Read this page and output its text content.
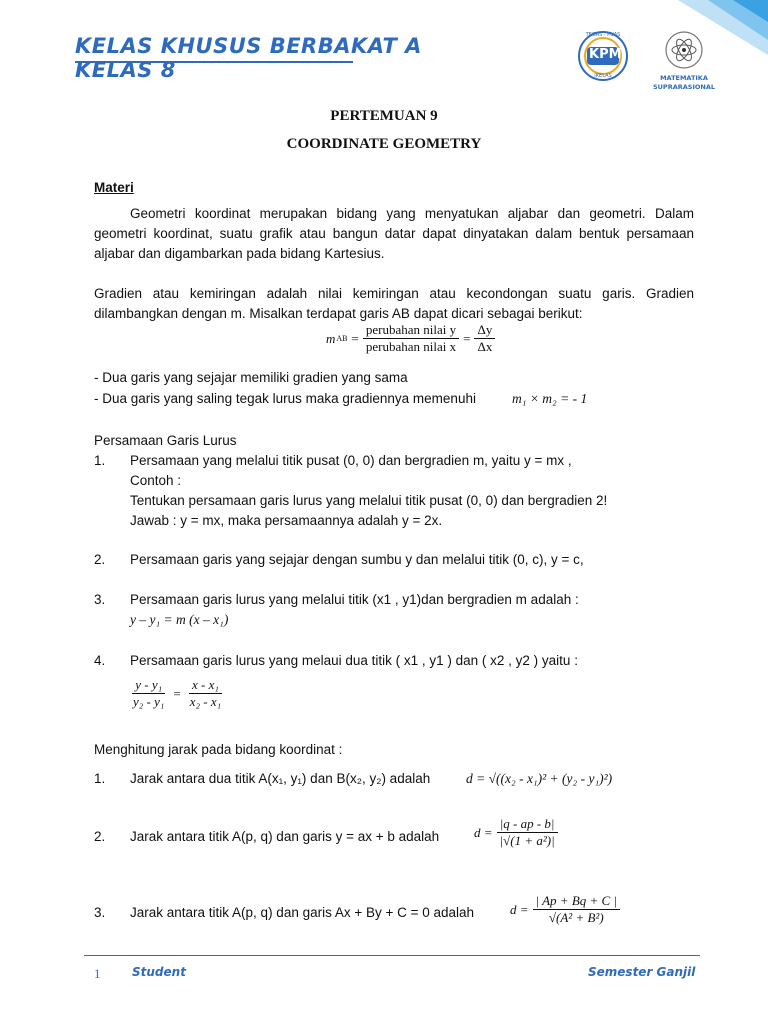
KELAS KHUSUS BERBAKAT A
KELAS 8
KPM
TEGAS · PUAS
IKELAS	MATEMATIKA
SUPRARASIONAL
PERTEMUAN 9
COORDINATE GEOMETRY
Materi
Geometri koordinat merupakan bidang yang menyatukan aljabar dan geometri. Dalam geometri koordinat, suatu grafik atau bangun datar dapat dinyatakan dalam bentuk persamaan aljabar dan digambarkan pada bidang Kartesius.
Gradien atau kemiringan adalah nilai kemiringan atau kecondongan suatu garis. Gradien dilambangkan dengan m. Misalkan terdapat garis AB dapat dicari sebagai berikut:
m AB = $\frac{\text{perubahan nilai y}}{\text{perubahan nilai x}} = \frac{\Delta y}{\Delta x}$
- Dua garis yang sejajar memiliki gradien yang sama
- Dua garis yang saling tegak lurus maka gradiennya memenuhi	m₁ × m₂ = - 1
Persamaan Garis Lurus
1. Persamaan yang melalui titik pusat (0, 0) dan bergradien m, yaitu y = mx ,
Contoh :
Tentukan persamaan garis lurus yang melalui titik pusat (0, 0) dan bergradien 2!
Jawab : y = mx, maka persamaannya adalah y = 2x.
2. Persamaan garis yang sejajar dengan sumbu y dan melalui titik (0, c), y = c,
3. Persamaan garis lurus yang melalui titik (x1 , y1)dan bergradien m adalah :
y – y₁ = m (x – x₁)
4. Persamaan garis lurus yang melaui dua titik ( x1 , y1 ) dan ( x2 , y2 ) yaitu :
$\frac{\text{y - y₁}}{\text{y₂ - y₁}} = \frac{\text{x - x₁}}{\text{x₂ - x₁}}$
Menghitung jarak pada bidang koordinat :
1. Jarak antara dua titik A(x₁, y₁) dan B(x₂, y₂) adalah	d = √((x₂ - x₁)² + (y₂ - y₁)²)
2. Jarak antara titik A(p, q) dan garis y = ax + b adalah	$d = \frac{|q - ap - b|}{\text{|√(1 + a²)|}}$
3. Jarak antara titik A(p, q) dan garis Ax + By + C = 0 adalah	$d = \frac{| Ap + Bq + C |}{\text{√(A² + B²)}}$
1	Student	Semester Ganjil
